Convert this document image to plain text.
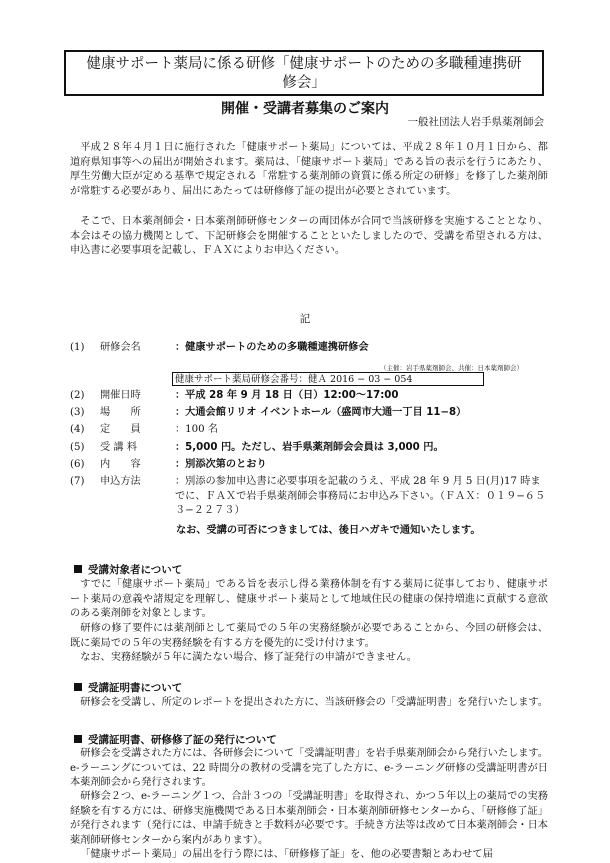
健康サポート薬局に係る研修「健康サポートのための多職種連携研
修会」
開催・受講者募集のご案内
一般社団法人岩手県薬剤師会
平成２８年４月１日に施行された「健康サポート薬局」については、平成２８年１０月１日から、都道府県知事等への届出が開始されます。薬局は、「健康サポート薬局」である旨の表示を行うにあたり、厚生労働大臣が定める基準で規定される「常駐する薬剤師の資質に係る所定の研修」を修了した薬剤師が常駐する必要があり、届出にあたっては研修修了証の提出が必要とされています。
そこで、日本薬剤師会・日本薬剤師研修センターの両団体が合同で当該研修を実施することとなり、本会はその協力機関として、下記研修会を開催することといたしましたので、受講を希望される方は、申込書に必要事項を記載し、ＦＡＸによりお申込ください。
記
(1)	研修会名	：健康サポートのための多職種連携研修会
（主催：岩手県薬剤師会、共催：日本薬剤師会）
健康サポート薬局研修会番号：健Ａ 2016 − 03 − 054
(2)	開催日時	：平成 28 年 9 月 18 日（日）12:00～17:00
(3)	場　　所	：大通会館リリオ イベントホール（盛岡市大通一丁目 11−8）
(4)	定　　員	：100 名
(5)	受 講 料	：5,000 円。ただし、岩手県薬剤師会会員は 3,000 円。
(6)	内　　容	：別添次第のとおり
(7)	申込方法	：別添の参加申込書に必要事項を記載のうえ、平成 28 年 9 月 5 日(月)17 時までに、ＦＡＸで岩手県薬剤師会事務局にお申込み下さい。（ＦＡＸ：０１９−６５３−２２７３）
なお、受講の可否につきましては、後日ハガキで通知いたします。
受講対象者について
すでに「健康サポート薬局」である旨を表示し得る業務体制を有する薬局に従事しており、健康サポート薬局の意義や諸規定を理解し、健康サポート薬局として地域住民の健康の保持増進に貢献する意欲のある薬剤師を対象とします。
研修の修了要件には薬剤師として薬局での５年の実務経験が必要であることから、今回の研修会は、既に薬局での５年の実務経験を有する方を優先的に受け付けます。
なお、実務経験が５年に満たない場合、修了証発行の申請ができません。
受講証明書について
研修会を受講し、所定のレポートを提出された方に、当該研修会の「受講証明書」を発行いたします。
受講証明書、研修修了証の発行について
研修会を受講された方には、各研修会について「受講証明書」を岩手県薬剤師会から発行いたします。e-ラーニングについては、22 時間分の教材の受講を完了した方に、e-ラーニング研修の受講証明書が日本薬剤師会から発行されます。
研修会２つ、e-ラーニング１つ、合計３つの「受講証明書」を取得され、かつ５年以上の薬局での実務経験を有する方には、研修実施機関である日本薬剤師会・日本薬剤師研修センターから、「研修修了証」が発行されます（発行には、申請手続きと手数料が必要です。手続き方法等は改めて日本薬剤師会・日本薬剤師研修センターから案内があります）。
「健康サポート薬局」の届出を行う際には、「研修修了証」を、他の必要書類とあわせて届
